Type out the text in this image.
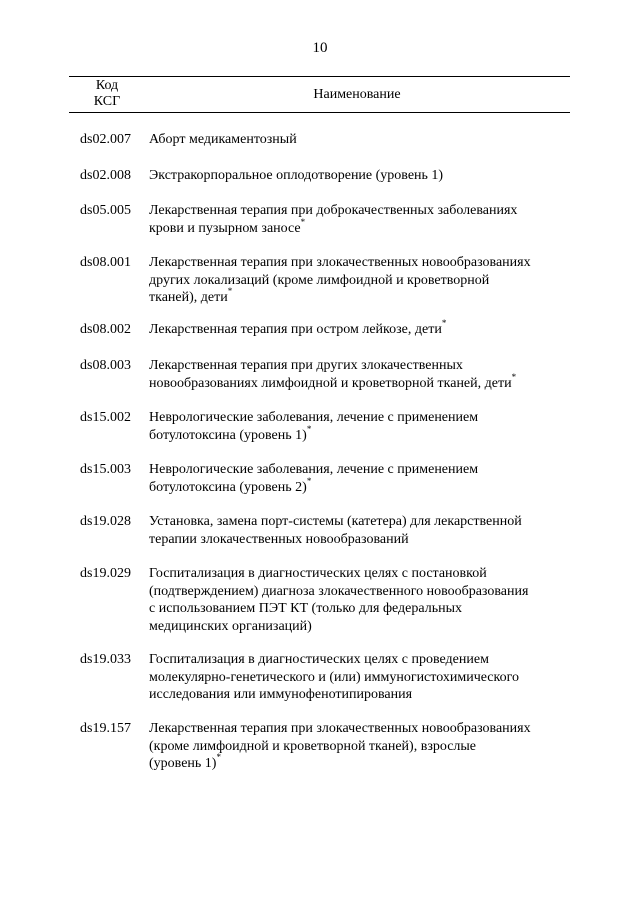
10
Код
КСГ	Наименование
ds02.007 Аборт медикаментозный
ds02.008 Экстракорпоральное оплодотворение (уровень 1)
ds05.005 Лекарственная терапия при доброкачественных заболеваниях
крови и пузырном заносе*
ds08.001 Лекарственная терапия при злокачественных новообразованиях
других локализаций (кроме лимфоидной и кроветворной
тканей), дети*
ds08.002 Лекарственная терапия при остром лейкозе, дети*
ds08.003 Лекарственная терапия при других злокачественных
новообразованиях лимфоидной и кроветворной тканей, дети*
ds15.002 Неврологические заболевания, лечение с применением
ботулотоксина (уровень 1)*
ds15.003 Неврологические заболевания, лечение с применением
ботулотоксина (уровень 2)*
ds19.028 Установка, замена порт-системы (катетера) для лекарственной
терапии злокачественных новообразований
ds19.029 Госпитализация в диагностических целях с постановкой
(подтверждением) диагноза злокачественного новообразования
с использованием ПЭТ КТ (только для федеральных
медицинских организаций)
ds19.033 Госпитализация в диагностических целях с проведением
молекулярно-генетического и (или) иммуногистохимического
исследования или иммунофенотипирования
ds19.157 Лекарственная терапия при злокачественных новообразованиях
(кроме лимфоидной и кроветворной тканей), взрослые
(уровень 1)*
